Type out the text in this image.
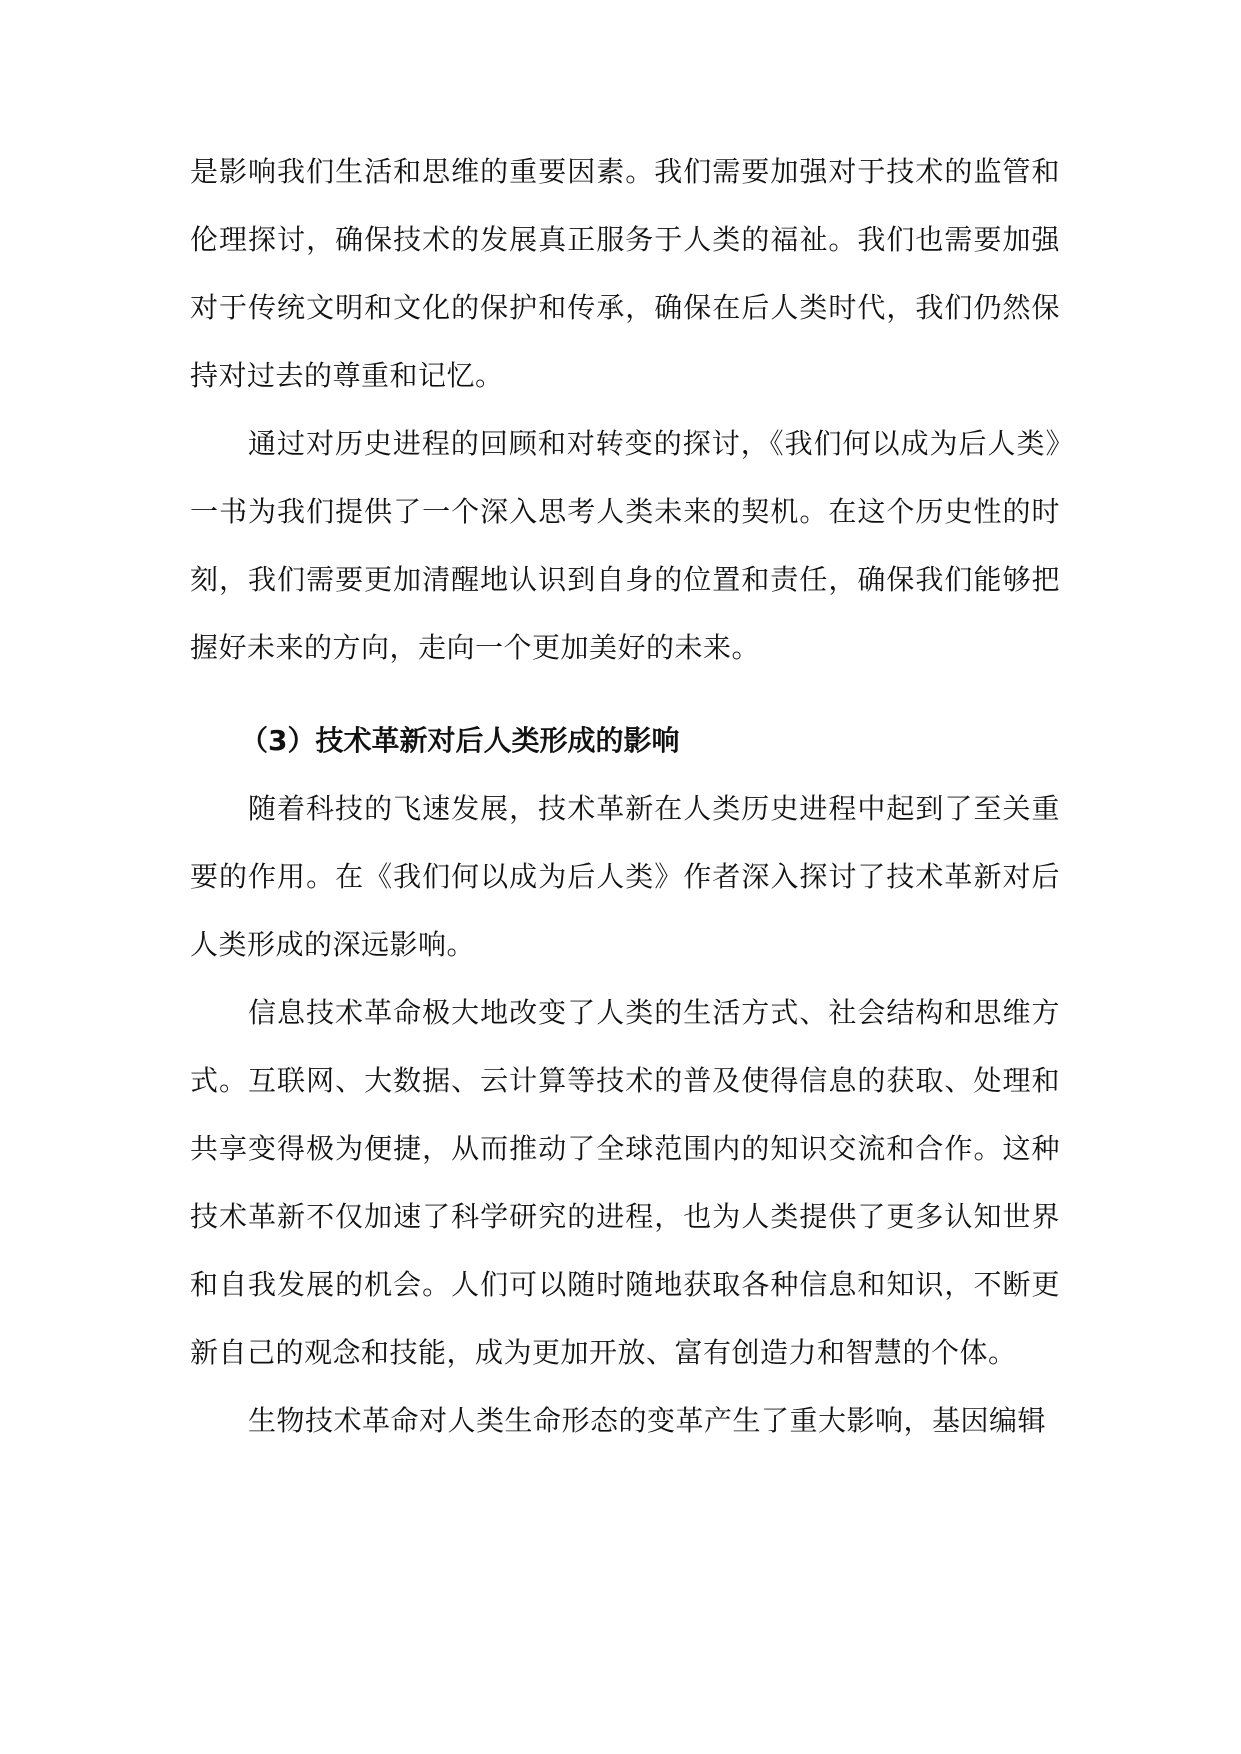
是影响我们生活和思维的重要因素。我们需要加强对于技术的监管和伦理探讨，确保技术的发展真正服务于人类的福祉。我们也需要加强对于传统文明和文化的保护和传承，确保在后人类时代，我们仍然保持对过去的尊重和记忆。

通过对历史进程的回顾和对转变的探讨，《我们何以成为后人类》一书为我们提供了一个深入思考人类未来的契机。在这个历史性的时刻，我们需要更加清醒地认识到自身的位置和责任，确保我们能够把握好未来的方向，走向一个更加美好的未来。

（3）技术革新对后人类形成的影响

随着科技的飞速发展，技术革新在人类历史进程中起到了至关重要的作用。在《我们何以成为后人类》作者深入探讨了技术革新对后人类形成的深远影响。

信息技术革命极大地改变了人类的生活方式、社会结构和思维方式。互联网、大数据、云计算等技术的普及使得信息的获取、处理和共享变得极为便捷，从而推动了全球范围内的知识交流和合作。这种技术革新不仅加速了科学研究的进程，也为人类提供了更多认知世界和自我发展的机会。人们可以随时随地获取各种信息和知识，不断更新自己的观念和技能，成为更加开放、富有创造力和智慧的个体。

生物技术革命对人类生命形态的变革产生了重大影响，基因编辑
